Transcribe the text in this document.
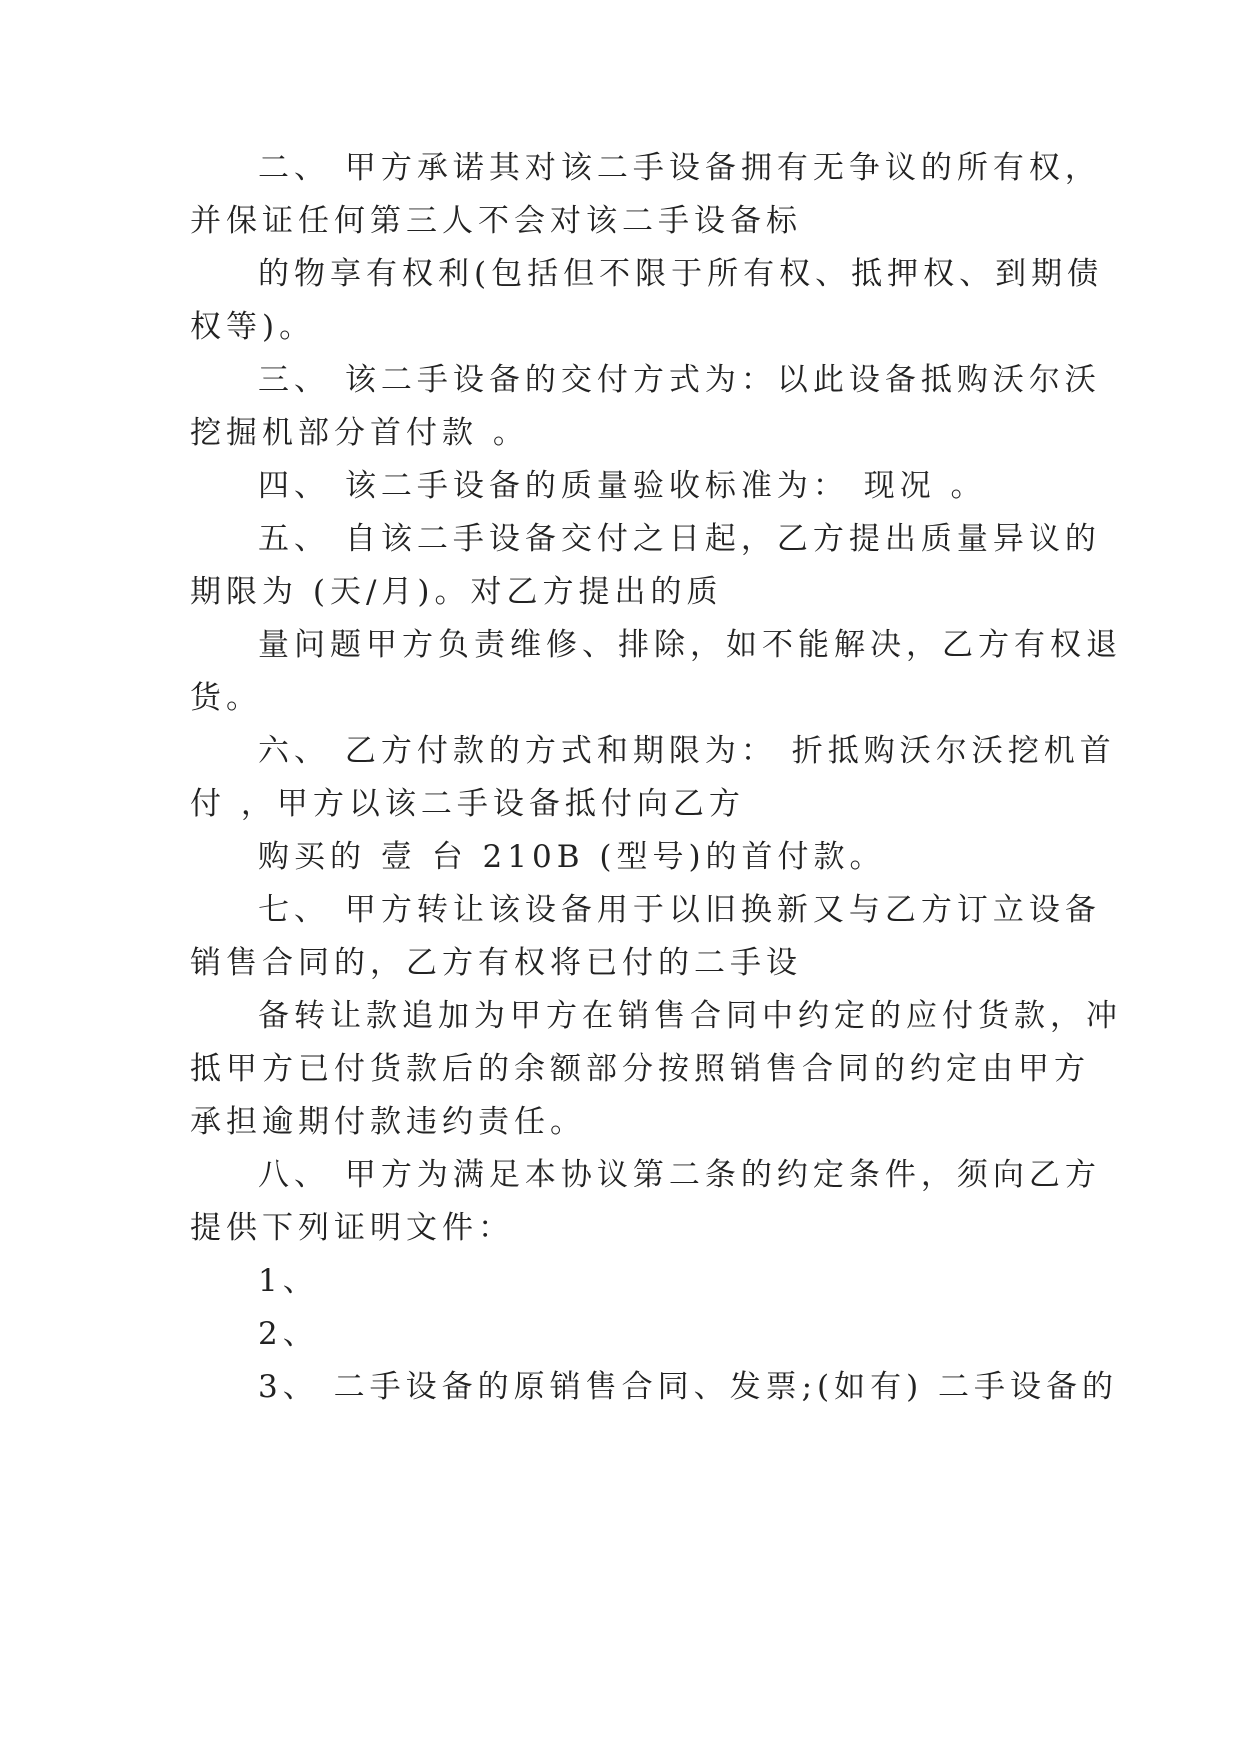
二、 甲方承诺其对该二手设备拥有无争议的所有权，

并保证任何第三人不会对该二手设备标

的物享有权利(包括但不限于所有权、抵押权、到期债

权等)。

三、 该二手设备的交付方式为：以此设备抵购沃尔沃

挖掘机部分首付款 。

四、 该二手设备的质量验收标准为： 现况 。

五、 自该二手设备交付之日起，乙方提出质量异议的

期限为 (天/月)。对乙方提出的质

量问题甲方负责维修、排除，如不能解决，乙方有权退

货。

六、 乙方付款的方式和期限为： 折抵购沃尔沃挖机首

付 ，甲方以该二手设备抵付向乙方

购买的 壹 台 210B (型号)的首付款。

七、 甲方转让该设备用于以旧换新又与乙方订立设备

销售合同的，乙方有权将已付的二手设

备转让款追加为甲方在销售合同中约定的应付货款，冲

抵甲方已付货款后的余额部分按照销售合同的约定由甲方

承担逾期付款违约责任。

八、 甲方为满足本协议第二条的约定条件，须向乙方

提供下列证明文件：

1、

2、

3、 二手设备的原销售合同、发票;(如有) 二手设备的
